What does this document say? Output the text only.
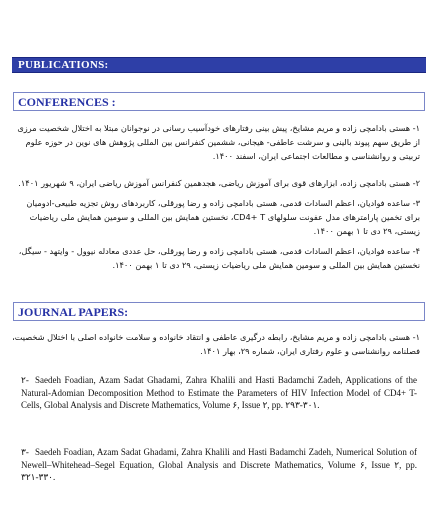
PUBLICATIONS:
CONFERENCES :
۱- هستی بادامچی زاده و مریم مشایخ، پیش بینی رفتارهای خودآسیب رسانی در نوجوانان مبتلا به اختلال شخصیت مرزی از طریق سهم پیوند بالینی و سرشت عاطفی- هیجانی، ششمین کنفرانس بین المللی پژوهش های نوین در حوزه علوم تربیتی و روانشناسی و مطالعات اجتماعی ایران، اسفند ۱۴۰۰.
۲- هستی بادامچی زاده، ابزارهای قوی برای آموزش ریاضی، هجدهمین کنفرانس آموزش ریاضی ایران، ۹ شهریور ۱۴۰۱.
۳- ساعده فوادیان، اعظم السادات قدمی، هستی بادامچی زاده و رضا پورقلی، کاربردهای روش تجزیه طبیعی-ادومیان برای تخمین پارامترهای مدل عفونت سلولهای CD4+ T، نخستین همایش بین المللی و سومین همایش ملی ریاضیات زیستی، ۲۹ دی تا ۱ بهمن ۱۴۰۰.
۴- ساعده فوادیان، اعظم السادات قدمی، هستی بادامچی زاده و رضا پورقلی، حل عددی معادله نیوول - وایتهد - سیگل، نخستین همایش بین المللی و سومین همایش ملی ریاضیات زیستی، ۲۹ دی تا ۱ بهمن ۱۴۰۰.
JOURNAL PAPERS:
۱- هستی بادامچی زاده و مریم مشایخ، رابطه درگیری عاطفی و انتقاد خانواده و سلامت خانواده اصلی با اختلال شخصیت، فصلنامه روانشناسی و علوم رفتاری ایران، شماره ۲۹، بهار ۱۴۰۱.
۲- Saedeh Foadian, Azam Sadat Ghadami, Zahra Khalili and Hasti Badamchi Zadeh, Applications of the Natural-Adomian Decomposition Method to Estimate the Parameters of HIV Infection Model of CD4+ T-Cells, Global Analysis and Discrete Mathematics, Volume ۶, Issue ۲, pp. ۲۹۳-۳۰۱.
۳- Saedeh Foadian, Azam Sadat Ghadami, Zahra Khalili and Hasti Badamchi Zadeh, Numerical Solution of Newell–Whitehead–Segel Equation, Global Analysis and Discrete Mathematics, Volume ۶, Issue ۲, pp. ۳۲۱-۳۳۰.
